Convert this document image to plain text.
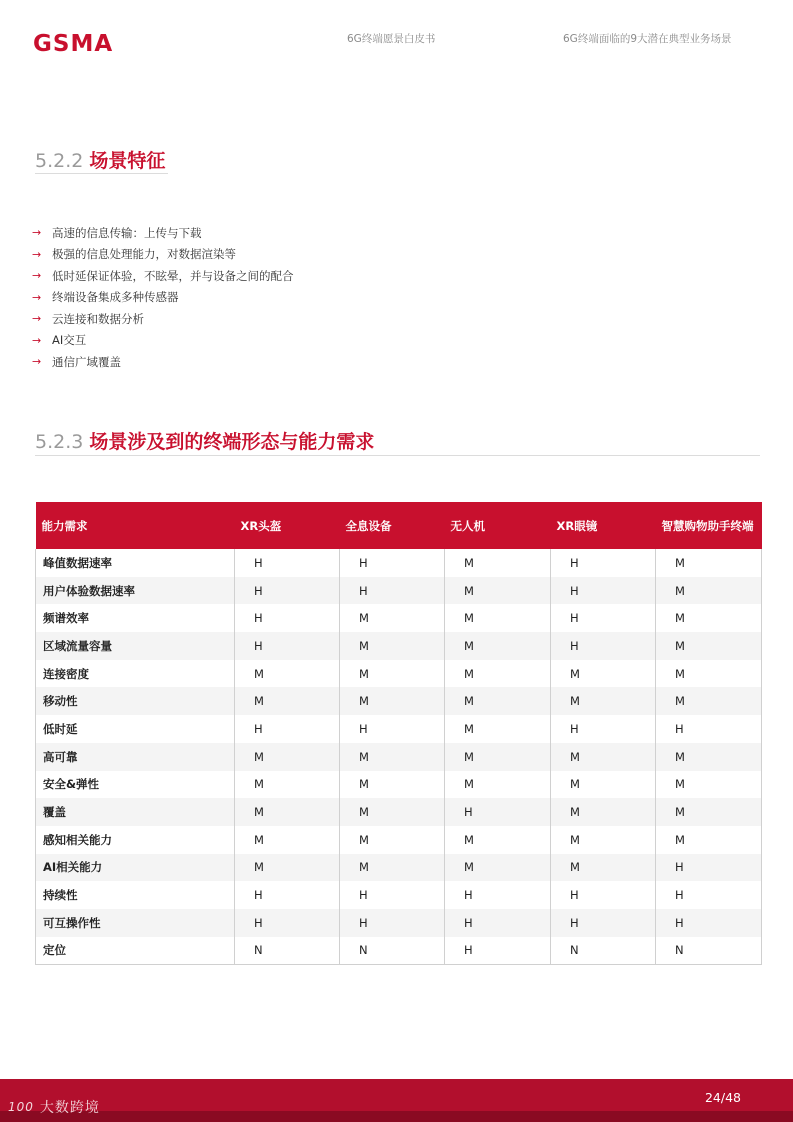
GSMA	6G终端愿景白皮书	6G终端面临的9大潜在典型业务场景
5.2.2 场景特征
→ 高速的信息传输：上传与下载
→ 极强的信息处理能力，对数据渲染等
→ 低时延保证体验，不眩晕，并与设备之间的配合
→ 终端设备集成多种传感器
→ 云连接和数据分析
→ AI交互
→ 通信广域覆盖
5.2.3 场景涉及到的终端形态与能力需求
能力需求	XR头盔	全息设备	无人机	XR眼镜	智慧购物助手终端
峰值数据速率	H	H	M	H	M
用户体验数据速率	H	H	M	H	M
频谱效率	H	M	M	H	M
区域流量容量	H	M	M	H	M
连接密度	M	M	M	M	M
移动性	M	M	M	M	M
低时延	H	H	M	H	H
高可靠	M	M	M	M	M
安全&弹性	M	M	M	M	M
覆盖	M	M	H	M	M
感知相关能力	M	M	M	M	M
AI相关能力	M	M	M	M	H
持续性	H	H	H	H	H
可互操作性	H	H	H	H	H
定位	N	N	H	N	N
24/48
100 大数跨境
